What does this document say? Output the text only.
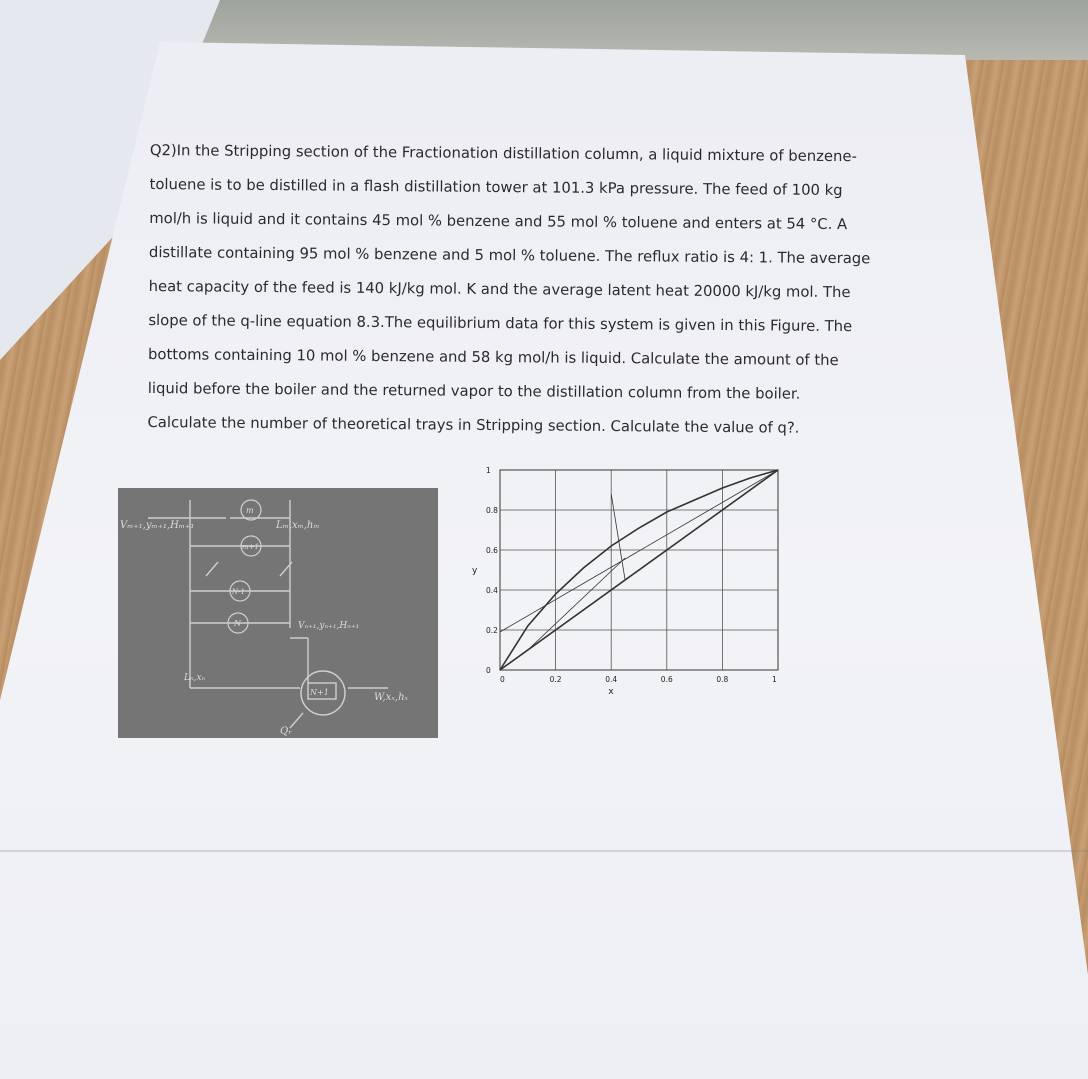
Q2)In the Stripping section of the Fractionation distillation column, a liquid mixture of benzene-
toluene is to be distilled in a flash distillation tower at 101.3 kPa pressure. The feed of 100 kg
mol/h is liquid and it contains 45 mol % benzene and 55 mol % toluene and enters at 54 °C. A
distillate containing 95 mol % benzene and 5 mol % toluene. The reflux ratio is 4: 1. The average
heat capacity of the feed is 140 kJ/kg mol. K and the average latent heat 20000 kJ/kg mol. The
slope of the q-line equation 8.3.The equilibrium data for this system is given in this Figure. The
bottoms containing 10 mol % benzene and 58 kg mol/h is liquid. Calculate the amount of the
liquid before the boiler and the returned vapor to the distillation column from the boiler.
Calculate the number of theoretical trays in Stripping section. Calculate the value of q?.
Vₘ₊₁,yₘ₊₁,Hₘ₊₁	Lₘ,xₘ,hₘ
m
m+1
N-1
N	Vₙ₊₁,yₙ₊₁,Hₙ₊₁
Lₙ,xₙ
N+1	W,xₓ,hₓ
Qᵣ
0	0.2	0.4	0.6	0.8	1
0
0.2
0.4
0.6
0.8
1
x
y
